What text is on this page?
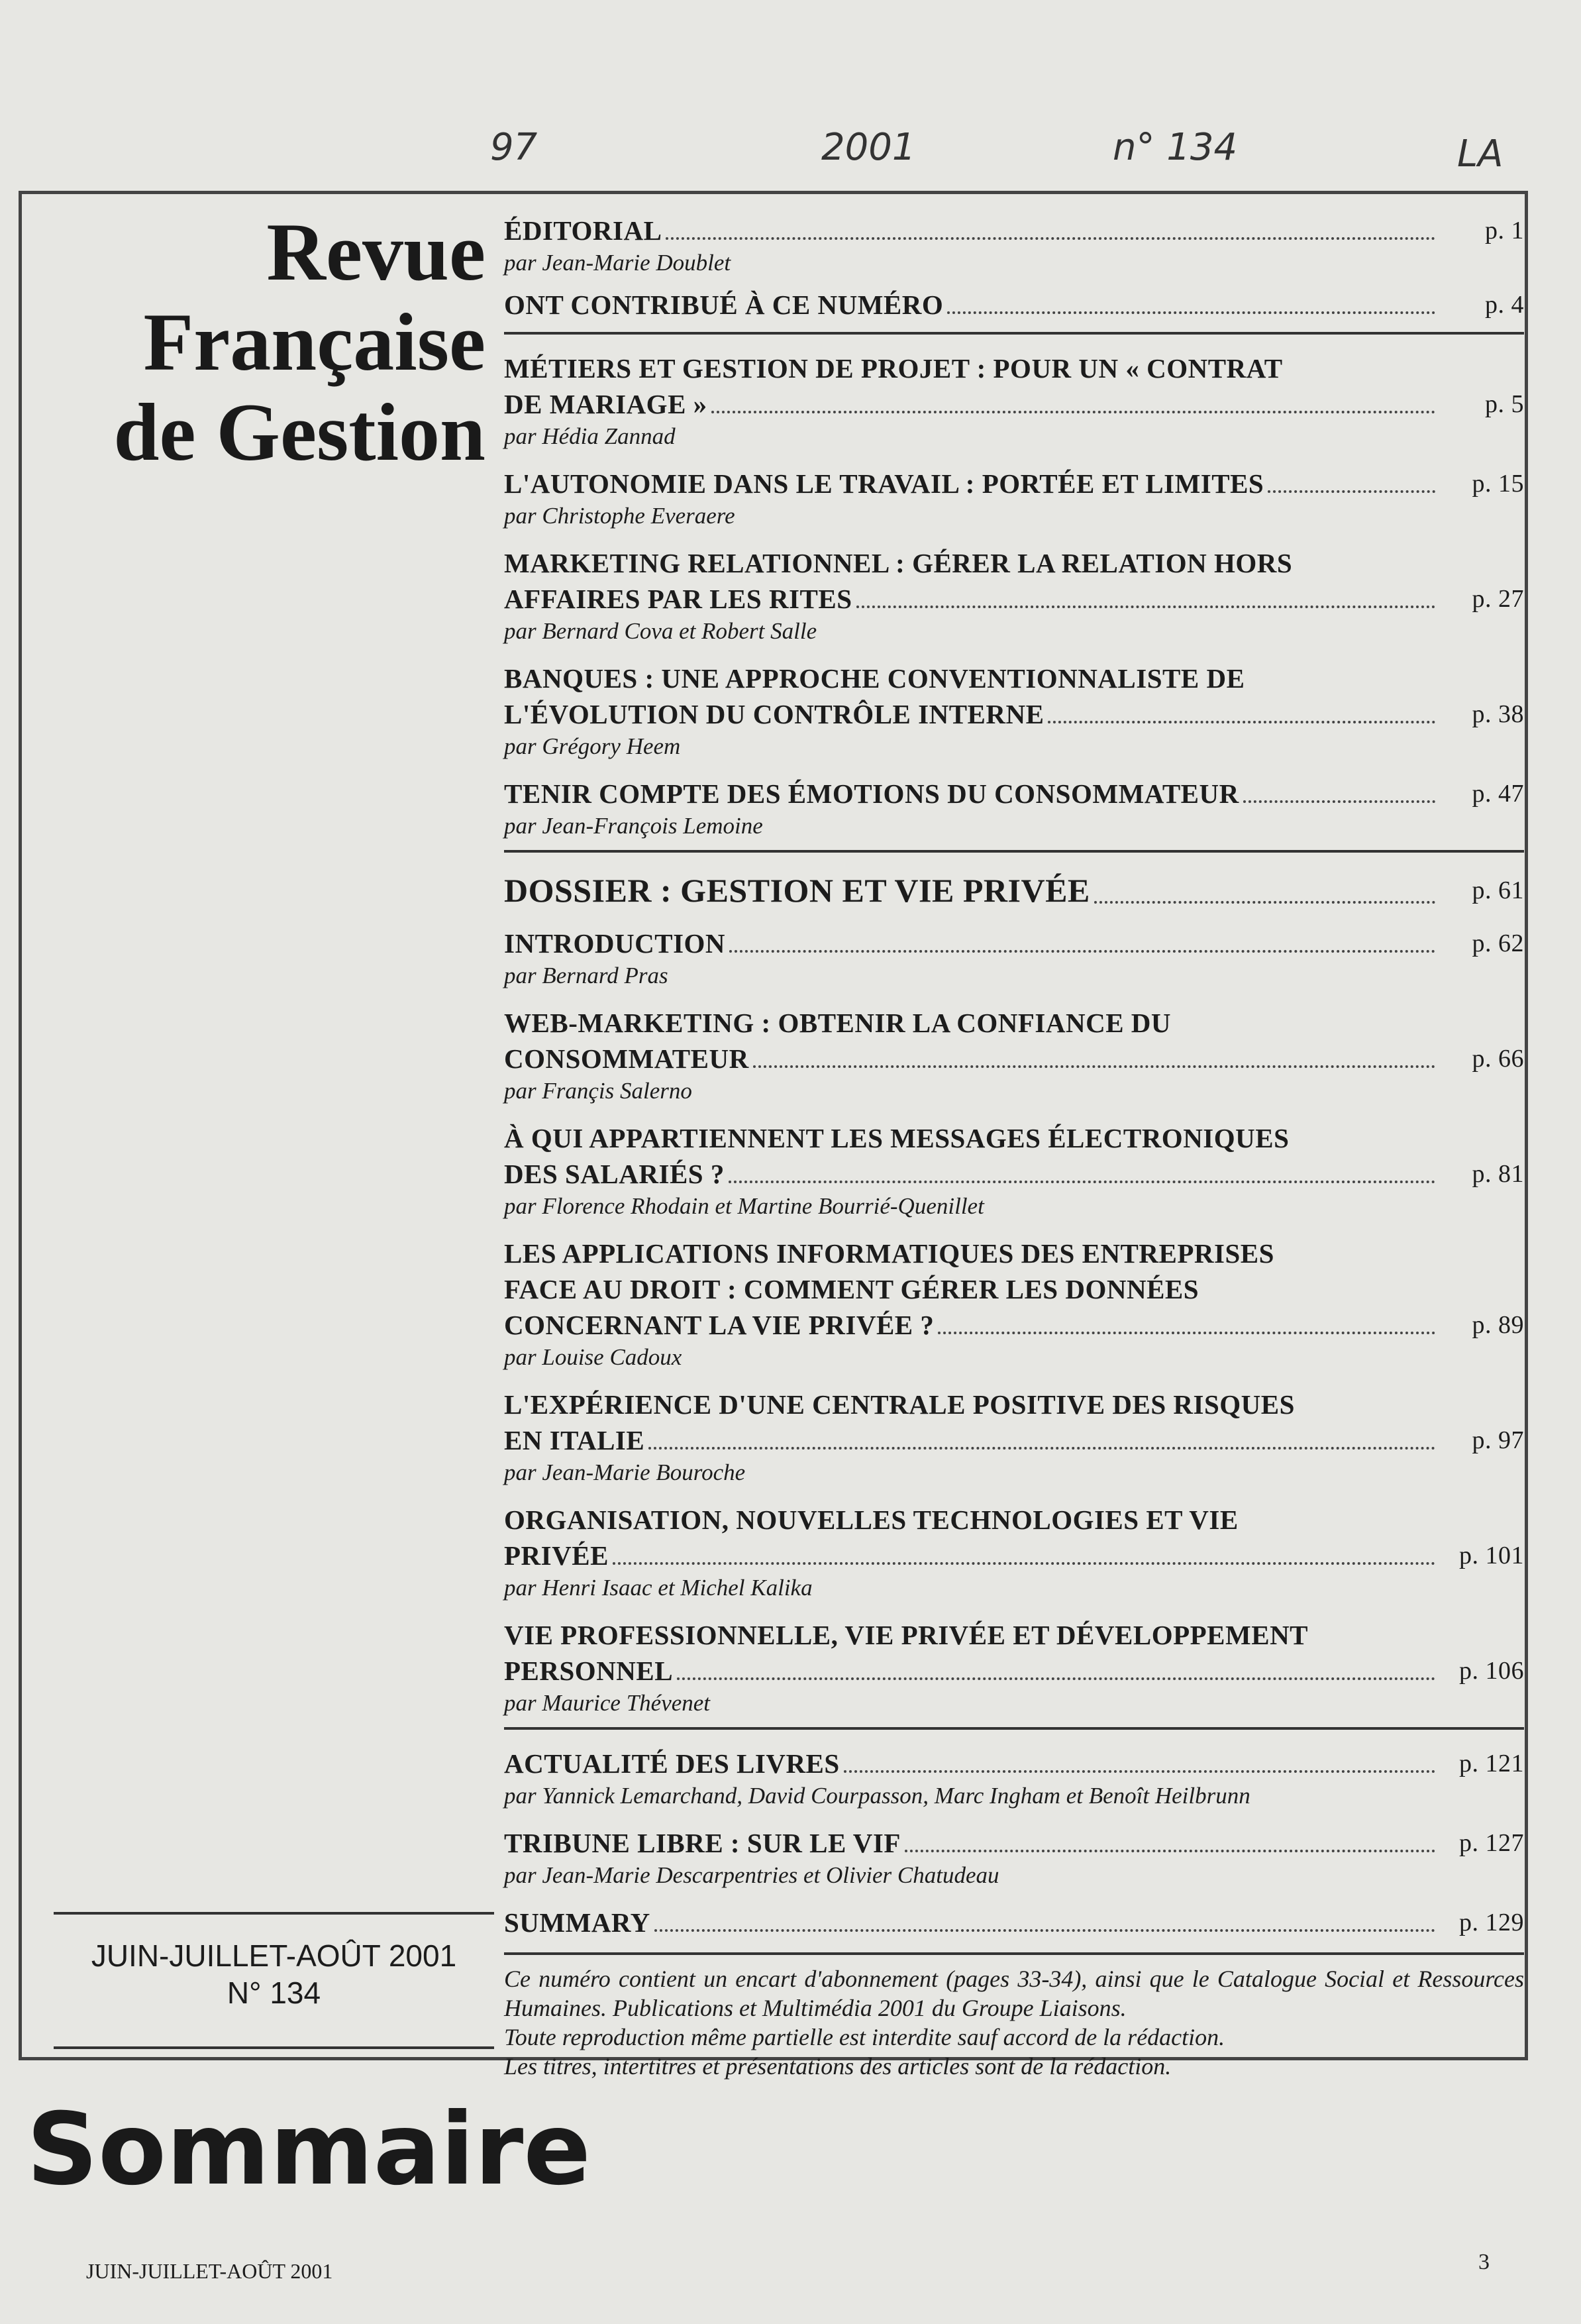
97	2001	n° 134	LA
Revue
Française
de Gestion
JUIN-JUILLET-AOÛT 2001
N° 134
ÉDITORIAL	p. 1
par Jean-Marie Doublet
ONT CONTRIBUÉ À CE NUMÉRO	p. 4
MÉTIERS ET GESTION DE PROJET : POUR UN « CONTRAT
DE MARIAGE »	p. 5
par Hédia Zannad
L'AUTONOMIE DANS LE TRAVAIL : PORTÉE ET LIMITES	p. 15
par Christophe Everaere
MARKETING RELATIONNEL : GÉRER LA RELATION HORS
AFFAIRES PAR LES RITES	p. 27
par Bernard Cova et Robert Salle
BANQUES : UNE APPROCHE CONVENTIONNALISTE DE
L'ÉVOLUTION DU CONTRÔLE INTERNE	p. 38
par Grégory Heem
TENIR COMPTE DES ÉMOTIONS DU CONSOMMATEUR	p. 47
par Jean-François Lemoine
DOSSIER : GESTION ET VIE PRIVÉE	p. 61
INTRODUCTION	p. 62
par Bernard Pras
WEB-MARKETING : OBTENIR LA CONFIANCE DU
CONSOMMATEUR	p. 66
par Françis Salerno
À QUI APPARTIENNENT LES MESSAGES ÉLECTRONIQUES
DES SALARIÉS ?	p. 81
par Florence Rhodain et Martine Bourrié-Quenillet
LES APPLICATIONS INFORMATIQUES DES ENTREPRISES
FACE AU DROIT : COMMENT GÉRER LES DONNÉES
CONCERNANT LA VIE PRIVÉE ?	p. 89
par Louise Cadoux
L'EXPÉRIENCE D'UNE CENTRALE POSITIVE DES RISQUES
EN ITALIE	p. 97
par Jean-Marie Bouroche
ORGANISATION, NOUVELLES TECHNOLOGIES ET VIE
PRIVÉE	p. 101
par Henri Isaac et Michel Kalika
VIE PROFESSIONNELLE, VIE PRIVÉE ET DÉVELOPPEMENT
PERSONNEL	p. 106
par Maurice Thévenet
ACTUALITÉ DES LIVRES	p. 121
par Yannick Lemarchand, David Courpasson, Marc Ingham et Benoît Heilbrunn
TRIBUNE LIBRE : SUR LE VIF	p. 127
par Jean-Marie Descarpentries et Olivier Chatudeau
SUMMARY	p. 129
Ce numéro contient un encart d'abonnement (pages 33-34), ainsi que le Catalogue Social et Ressources Humaines. Publications et Multimédia 2001 du Groupe Liaisons.
Toute reproduction même partielle est interdite sauf accord de la rédaction.
Les titres, intertitres et présentations des articles sont de la rédaction.
Sommaire
JUIN-JUILLET-AOÛT 2001	3
